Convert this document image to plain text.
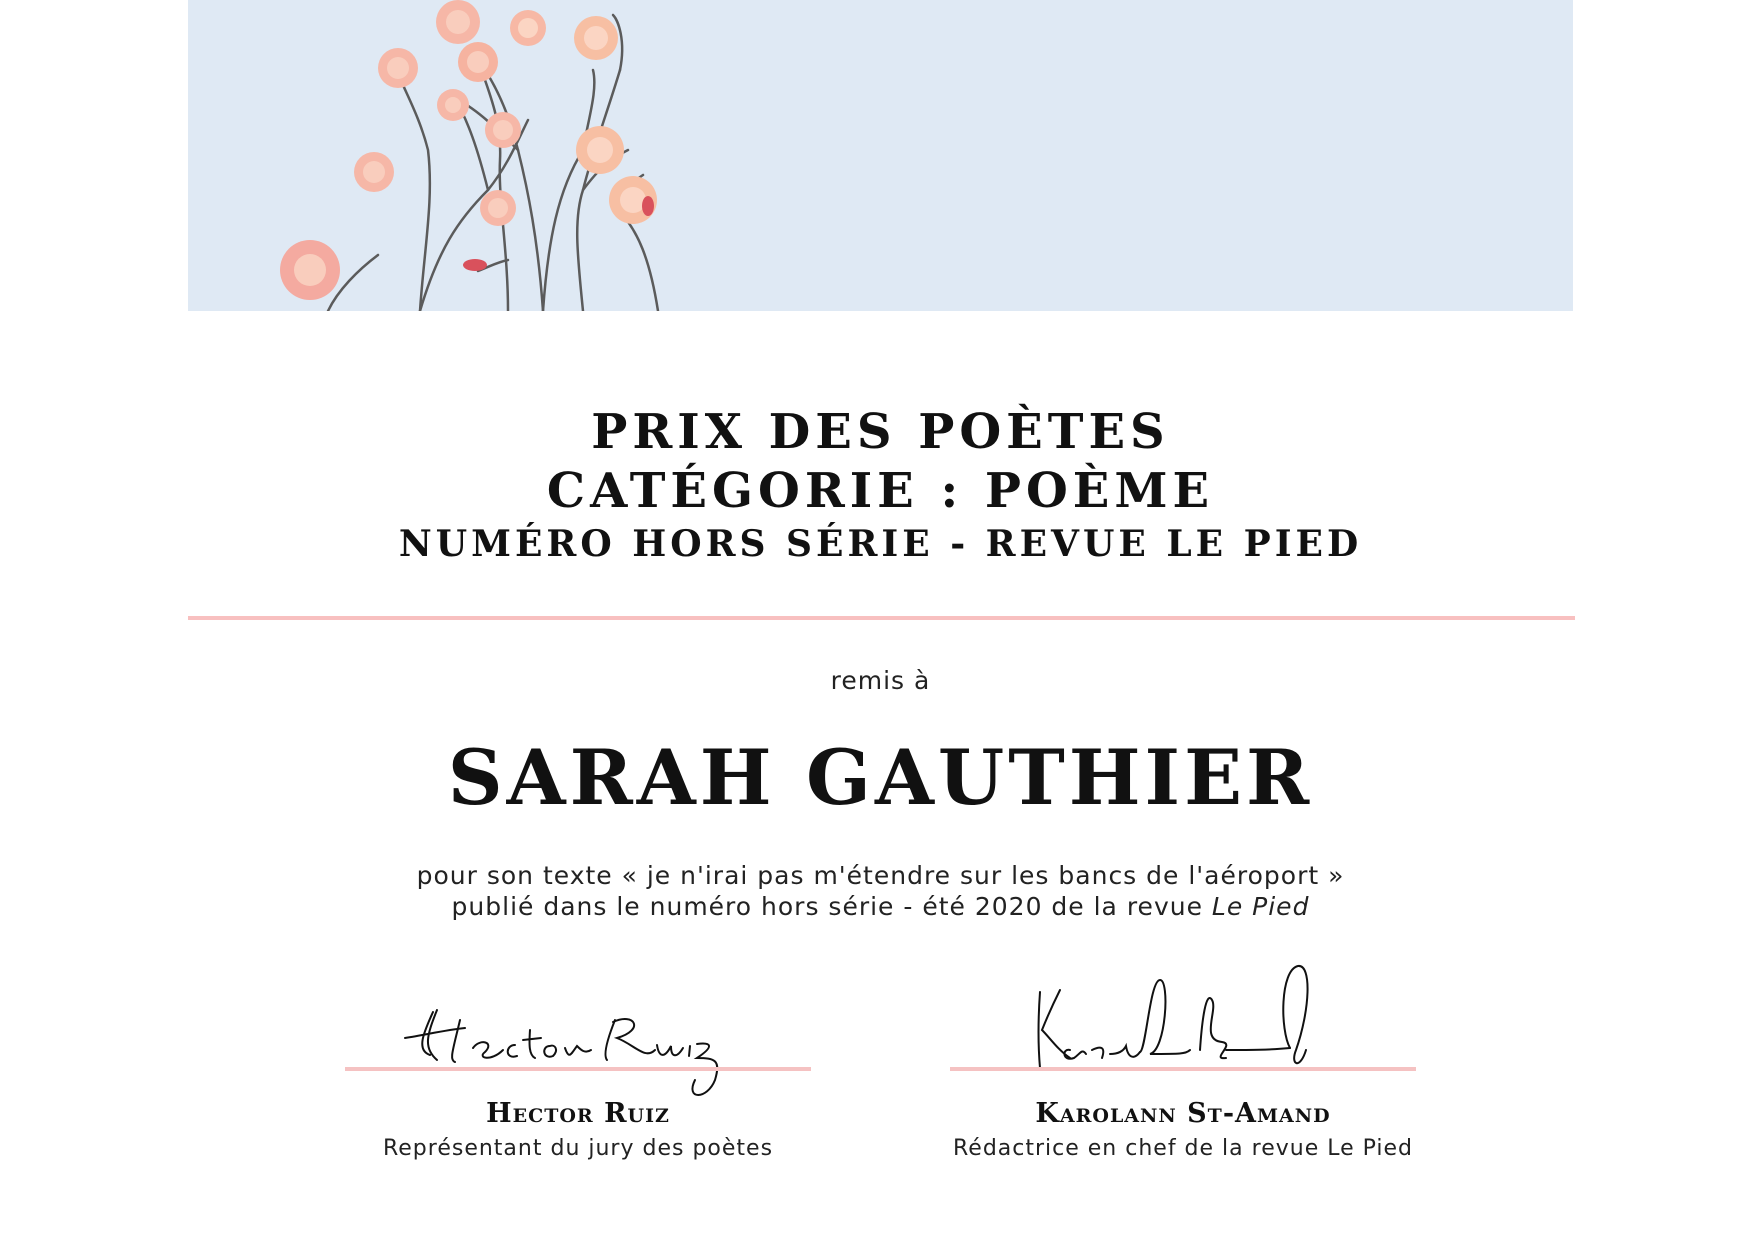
PRIX DES POÈTES
CATÉGORIE : POÈME
NUMÉRO HORS SÉRIE - REVUE LE PIED
remis à
SARAH GAUTHIER
pour son texte « je n'irai pas m'étendre sur les bancs de l'aéroport »
publié dans le numéro hors série - été 2020 de la revue Le Pied
Hector Ruiz
Représentant du jury des poètes
Karolann St-Amand
Rédactrice en chef de la revue Le Pied
